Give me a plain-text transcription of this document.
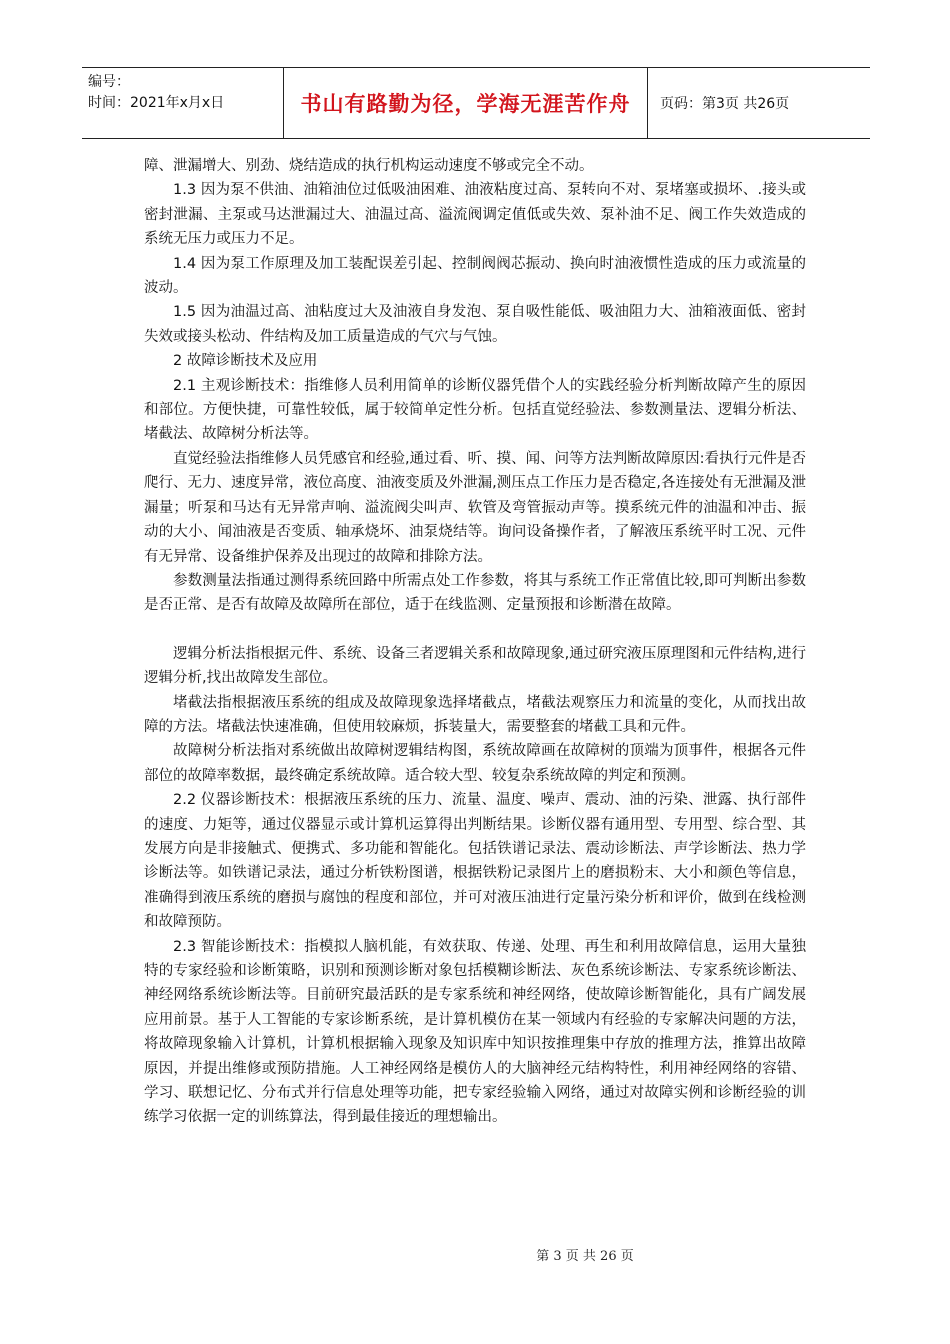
编号：
时间：2021年x月x日	书山有路勤为径，学海无涯苦作舟	页码：第3页 共26页

障、泄漏增大、别劲、烧结造成的执行机构运动速度不够或完全不动。

1.3 因为泵不供油、油箱油位过低吸油困难、油液粘度过高、泵转向不对、泵堵塞或损坏、.接头或密封泄漏、主泵或马达泄漏过大、油温过高、溢流阀调定值低或失效、泵补油不足、阀工作失效造成的系统无压力或压力不足。

1.4 因为泵工作原理及加工装配误差引起、控制阀阀芯振动、换向时油液惯性造成的压力或流量的波动。

1.5 因为油温过高、油粘度过大及油液自身发泡、泵自吸性能低、吸油阻力大、油箱液面低、密封失效或接头松动、件结构及加工质量造成的气穴与气蚀。

2 故障诊断技术及应用

2.1 主观诊断技术：指维修人员利用简单的诊断仪器凭借个人的实践经验分析判断故障产生的原因和部位。方便快捷，可靠性较低，属于较简单定性分析。包括直觉经验法、参数测量法、逻辑分析法、堵截法、故障树分析法等。

直觉经验法指维修人员凭感官和经验,通过看、听、摸、闻、问等方法判断故障原因:看执行元件是否爬行、无力、速度异常，液位高度、油液变质及外泄漏,测压点工作压力是否稳定,各连接处有无泄漏及泄漏量；听泵和马达有无异常声响、溢流阀尖叫声、软管及弯管振动声等。摸系统元件的油温和冲击、振动的大小、闻油液是否变质、轴承烧坏、油泵烧结等。询问设备操作者，了解液压系统平时工况、元件有无异常、设备维护保养及出现过的故障和排除方法。

参数测量法指通过测得系统回路中所需点处工作参数，将其与系统工作正常值比较,即可判断出参数是否正常、是否有故障及故障所在部位，适于在线监测、定量预报和诊断潜在故障。

逻辑分析法指根据元件、系统、设备三者逻辑关系和故障现象,通过研究液压原理图和元件结构,进行逻辑分析,找出故障发生部位。

堵截法指根据液压系统的组成及故障现象选择堵截点，堵截法观察压力和流量的变化，从而找出故障的方法。堵截法快速准确，但使用较麻烦，拆装量大，需要整套的堵截工具和元件。

故障树分析法指对系统做出故障树逻辑结构图，系统故障画在故障树的顶端为顶事件，根据各元件部位的故障率数据，最终确定系统故障。适合较大型、较复杂系统故障的判定和预测。

2.2 仪器诊断技术：根据液压系统的压力、流量、温度、噪声、震动、油的污染、泄露、执行部件的速度、力矩等，通过仪器显示或计算机运算得出判断结果。诊断仪器有通用型、专用型、综合型、其发展方向是非接触式、便携式、多功能和智能化。包括铁谱记录法、震动诊断法、声学诊断法、热力学诊断法等。如铁谱记录法，通过分析铁粉图谱，根据铁粉记录图片上的磨损粉末、大小和颜色等信息，准确得到液压系统的磨损与腐蚀的程度和部位，并可对液压油进行定量污染分析和评价，做到在线检测和故障预防。

2.3 智能诊断技术：指模拟人脑机能，有效获取、传递、处理、再生和利用故障信息，运用大量独特的专家经验和诊断策略，识别和预测诊断对象包括模糊诊断法、灰色系统诊断法、专家系统诊断法、神经网络系统诊断法等。目前研究最活跃的是专家系统和神经网络，使故障诊断智能化，具有广阔发展应用前景。基于人工智能的专家诊断系统，是计算机模仿在某一领域内有经验的专家解决问题的方法，将故障现象输入计算机，计算机根据输入现象及知识库中知识按推理集中存放的推理方法，推算出故障原因，并提出维修或预防措施。人工神经网络是模仿人的大脑神经元结构特性，利用神经网络的容错、学习、联想记忆、分布式并行信息处理等功能，把专家经验输入网络，通过对故障实例和诊断经验的训练学习依据一定的训练算法，得到最佳接近的理想输出。

第 3 页 共 26 页
